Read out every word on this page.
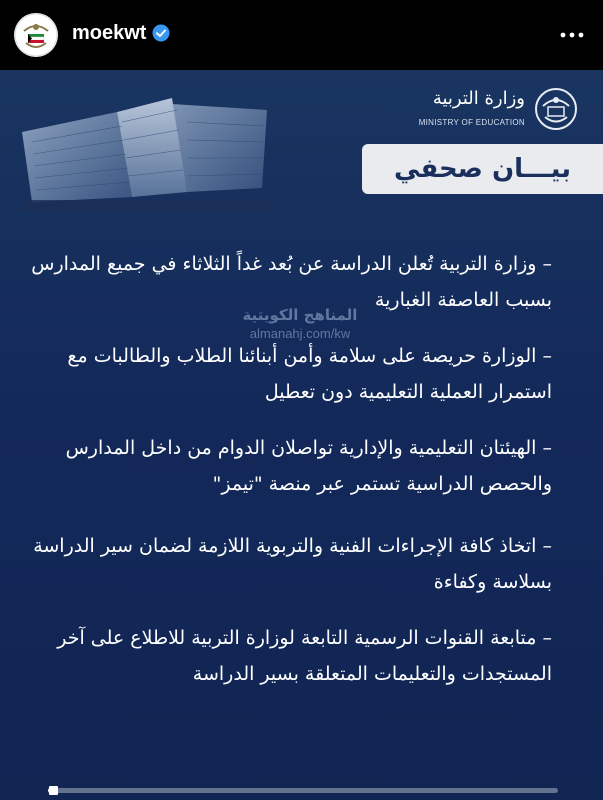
moekwt
وزارة التربية
MINISTRY OF EDUCATION
بيـــان صحفي

– وزارة التربية تُعلن الدراسة عن بُعد غداً الثلاثاء في جميع المدارس بسبب العاصفة الغبارية

– الوزارة حريصة على سلامة وأمن أبنائنا الطلاب والطالبات مع استمرار العملية التعليمية دون تعطيل

– الهيئتان التعليمية والإدارية تواصلان الدوام من داخل المدارس والحصص الدراسية تستمر عبر منصة "تيمز"

– اتخاذ كافة الإجراءات الفنية والتربوية اللازمة لضمان سير الدراسة بسلاسة وكفاءة

– متابعة القنوات الرسمية التابعة لوزارة التربية للاطلاع على آخر المستجدات والتعليمات المتعلقة بسير الدراسة

المناهج الكويتية
almanahj.com/kw
